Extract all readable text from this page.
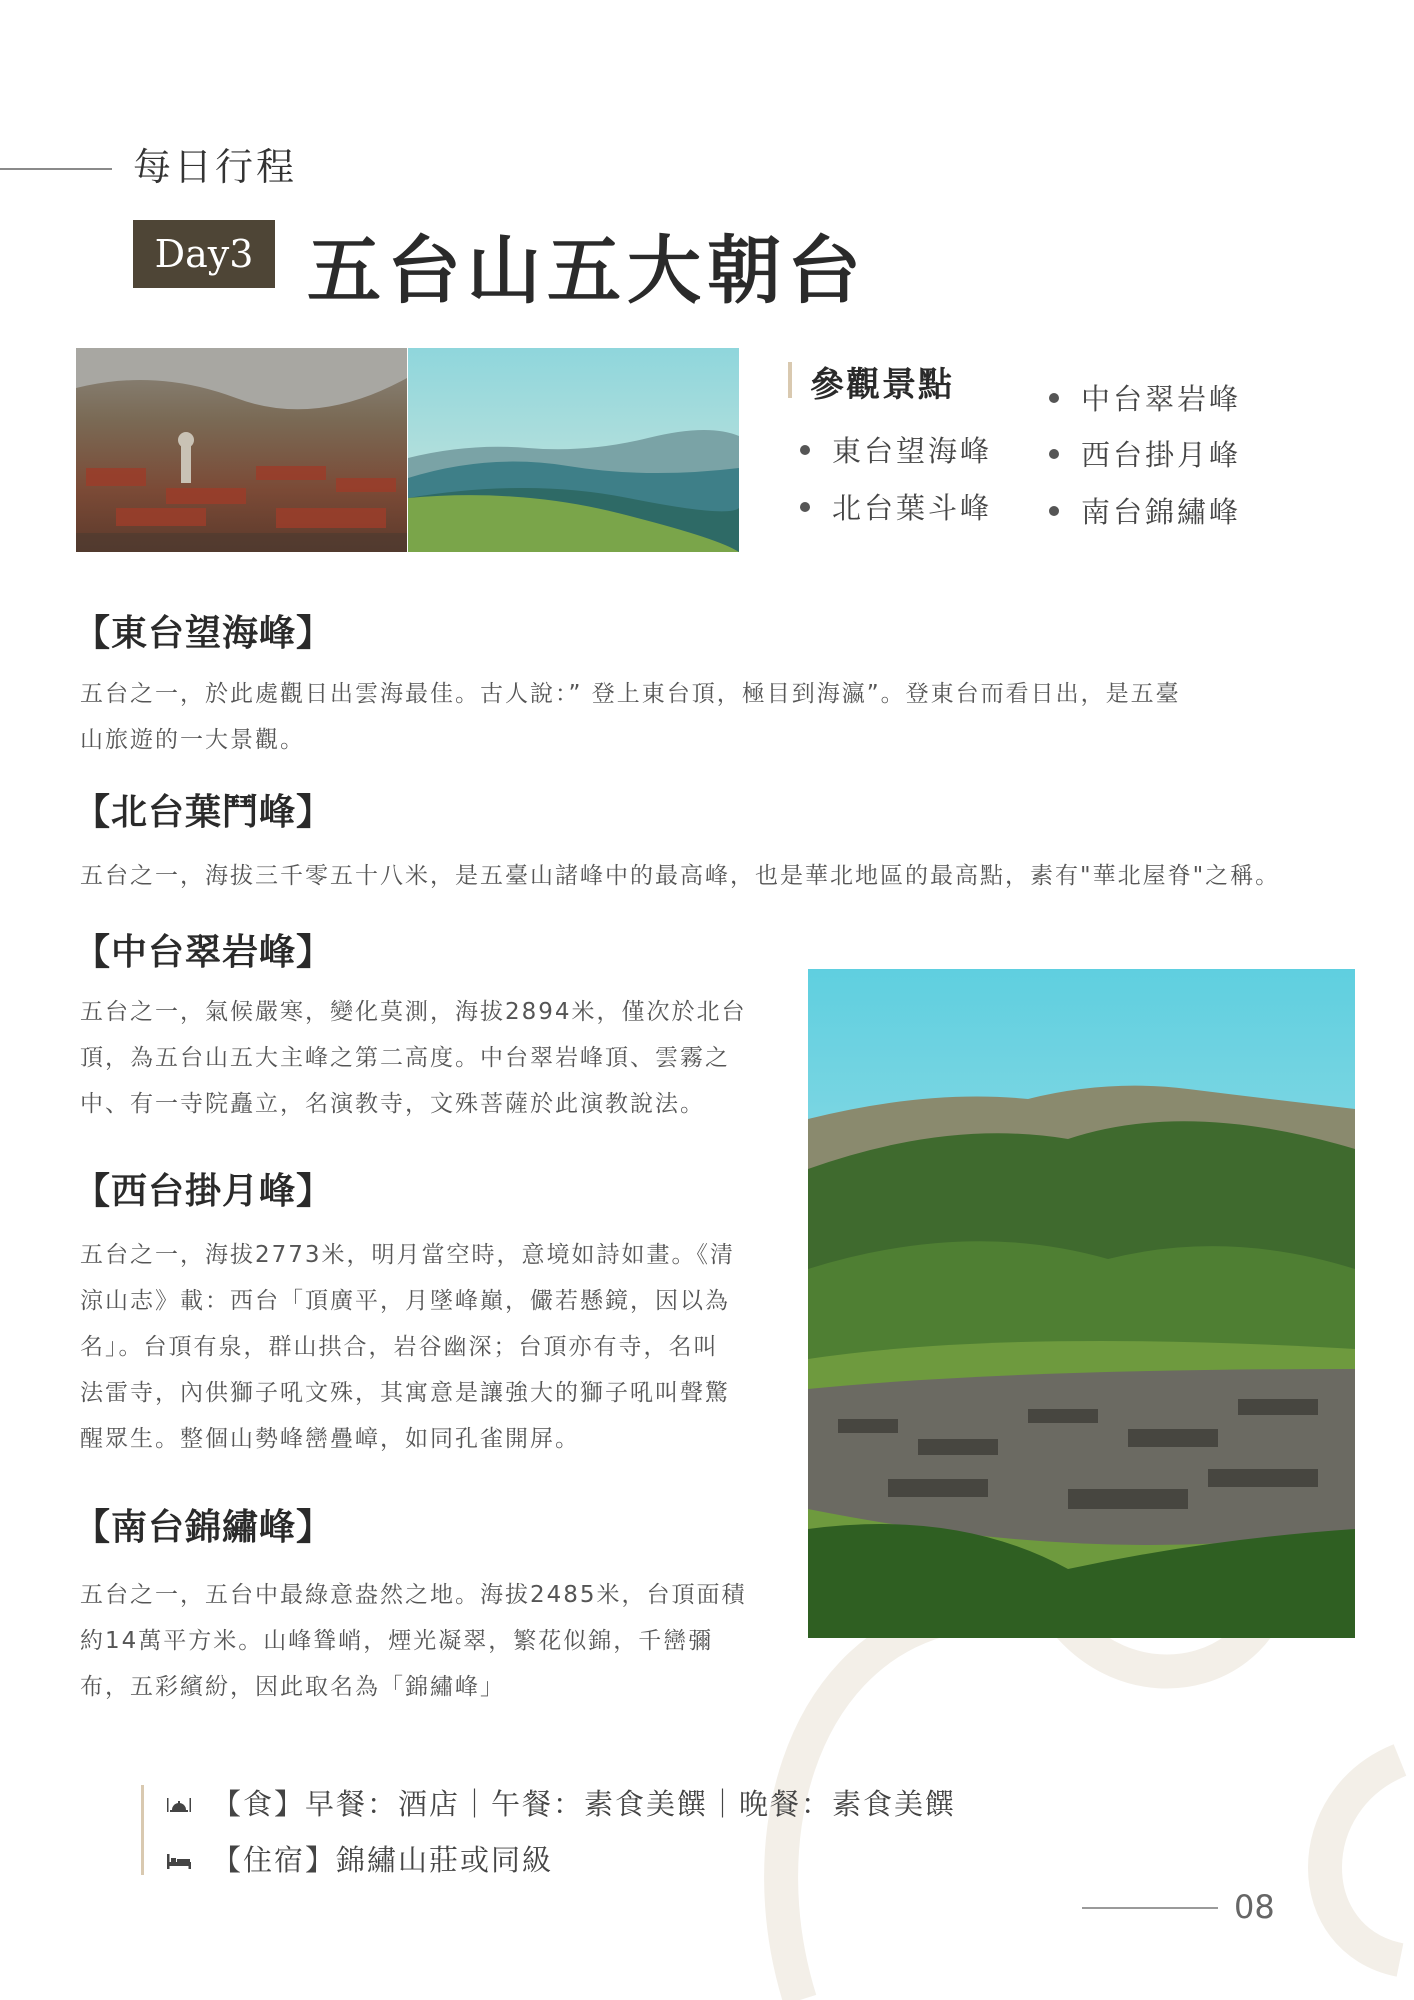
每日行程
Day3 五台山五大朝台
參觀景點
東台望海峰
北台葉斗峰
中台翠岩峰
西台掛月峰
南台錦繡峰
【東台望海峰】
五台之一，於此處觀日出雲海最佳。古人說：” 登上東台頂，極目到海瀛”。登東台而看日出，是五臺
山旅遊的一大景觀。
【北台葉鬥峰】
五台之一，海拔三千零五十八米，是五臺山諸峰中的最高峰，也是華北地區的最高點，素有"華北屋脊"之稱。
【中台翠岩峰】
五台之一，氣候嚴寒，變化莫測，海拔2894米，僅次於北台
頂，為五台山五大主峰之第二高度。中台翠岩峰頂、雲霧之
中、有一寺院矗立，名演教寺，文殊菩薩於此演教說法。
【西台掛月峰】
五台之一，海拔2773米，明月當空時，意境如詩如畫。《清
涼山志》載：西台「頂廣平，月墜峰巔，儼若懸鏡，因以為
名」。台頂有泉，群山拱合，岩谷幽深；台頂亦有寺，名叫
法雷寺，內供獅子吼文殊，其寓意是讓強大的獅子吼叫聲驚
醒眾生。整個山勢峰巒疊嶂，如同孔雀開屏。
【南台錦繡峰】
五台之一，五台中最綠意盎然之地。海拔2485米，台頂面積
約14萬平方米。山峰聳峭，煙光凝翠，繁花似錦，千巒彌
布，五彩繽紛，因此取名為「錦繡峰」
【食】早餐：酒店｜午餐：素食美饌｜晚餐：素食美饌
【住宿】錦繡山莊或同級
08
